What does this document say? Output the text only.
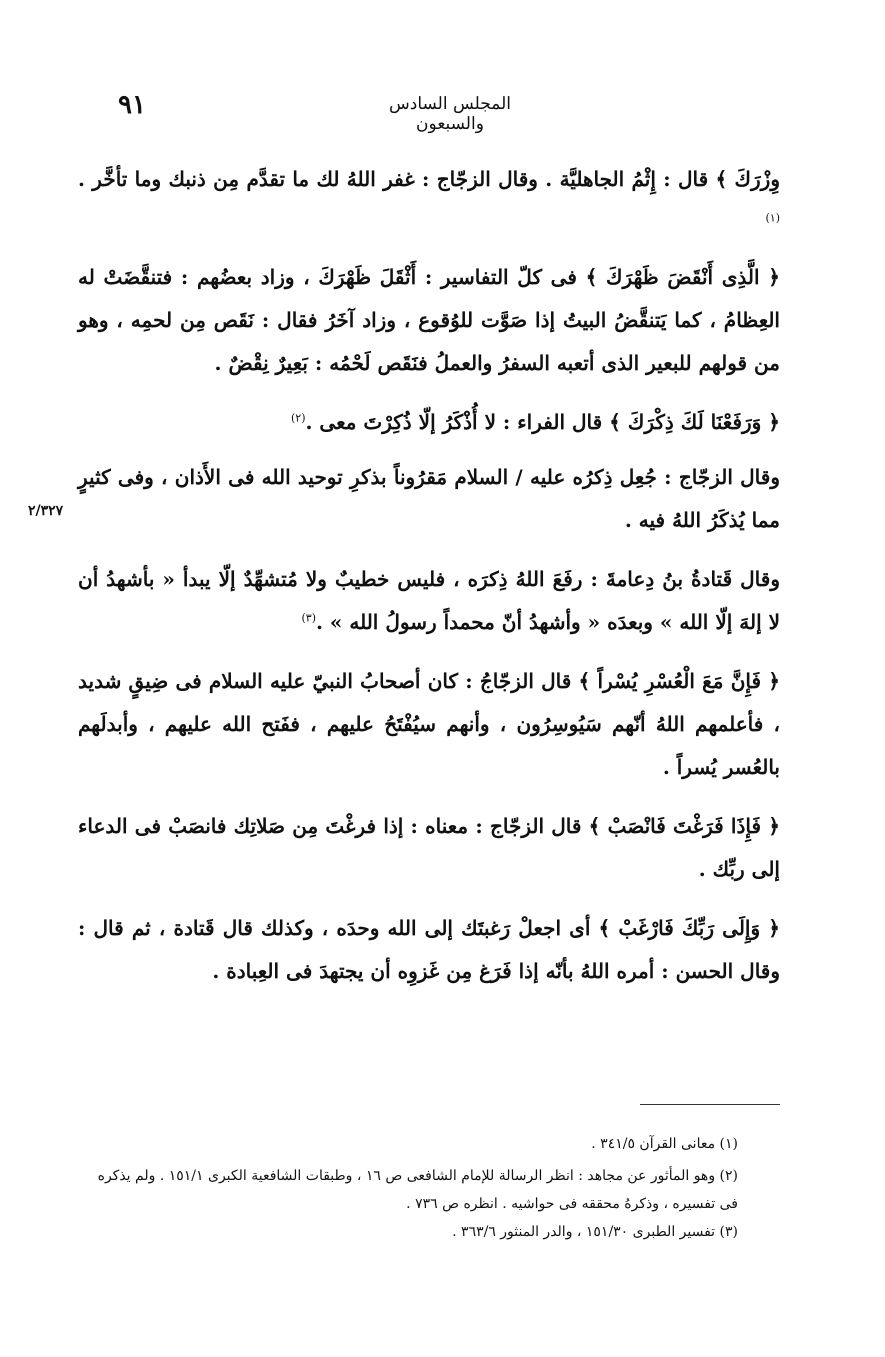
٩١	المجلس السادس والسبعون
٢/٣٢٧

وِزْرَكَ ﴾ قال : إِثْمُ الجاهليَّة . وقال الزجّاج : غفر اللهُ لك ما تقدَّم مِن ذنبك وما تأخَّر .$^{(١)}$

﴿ الَّذِى أَنْقَضَ ظَهْرَكَ ﴾ فى كلّ التفاسير : أَثْقَلَ ظَهْرَكَ ، وزاد بعضُهم : فتنقَّضَتْ له العِظامُ ، كما يَتنقَّضُ البيتُ إذا صَوَّت للوُقوع ، وزاد آخَرُ فقال : نَقَص مِن لحمِه ، وهو من قولهم للبعير الذى أتعبه السفرُ والعملُ فنَقَص لَحْمُه : بَعِيرٌ نِقْضٌ .

﴿ وَرَفَعْنَا لَكَ ذِكْرَكَ ﴾ قال الفراء : لا أُذْكَرُ إلّا ذُكِرْتَ معى .$^{(٢)}$

وقال الزجّاج : جُعِل ذِكرُه عليه / السلام مَقرُوناً بذكرِ توحيد الله فى الأَذان ، وفى كثيرٍ مما يُذكَرُ اللهُ فيه .

وقال قَتادةُ بنُ دِعامةَ : رفَعَ اللهُ ذِكرَه ، فليس خطيبٌ ولا مُتشهِّدٌ إلّا يبدأ « بأشهدُ أن لا إلهَ إلّا الله » وبعدَه « وأشهدُ أنّ محمداً رسولُ الله » .$^{(٣)}$

﴿ فَإِنَّ مَعَ الْعُسْرِ يُسْراً ﴾ قال الزجّاجُ : كان أصحابُ النبيّ عليه السلام فى ضِيقٍ شديد ، فأعلمهم اللهُ أنّهم سَيُوسِرُون ، وأنهم سيُفْتَحُ عليهم ، ففَتح الله عليهم ، وأبدلَهم بالعُسر يُسراً .

﴿ فَإِذَا فَرَغْتَ فَانْصَبْ ﴾ قال الزجّاج : معناه : إذا فرغْتَ مِن صَلاتِك فانصَبْ فى الدعاء إلى ربِّك .

﴿ وَإِلَى رَبِّكَ فَارْغَبْ ﴾ أى اجعلْ رَغبتَك إلى الله وحدَه ، وكذلك قال قَتادة ، ثم قال : وقال الحسن : أمره اللهُ بأنّه إذا فَرَغ مِن غَزوِه أن يجتهدَ فى العِبادة .

(١) معانى القرآن ٣٤١/٥ .

(٢) وهو المأثور عن مجاهد : انظر الرسالة للإمام الشافعى ص ١٦ ، وطبقات الشافعية الكبرى ١٥١/١ . ولم يذكره فى تفسيره ، وذكرهُ محققه فى حواشيه . انظره ص ٧٣٦ .

(٣) تفسير الطبرى ١٥١/٣٠ ، والدر المنثور ٣٦٣/٦ .
